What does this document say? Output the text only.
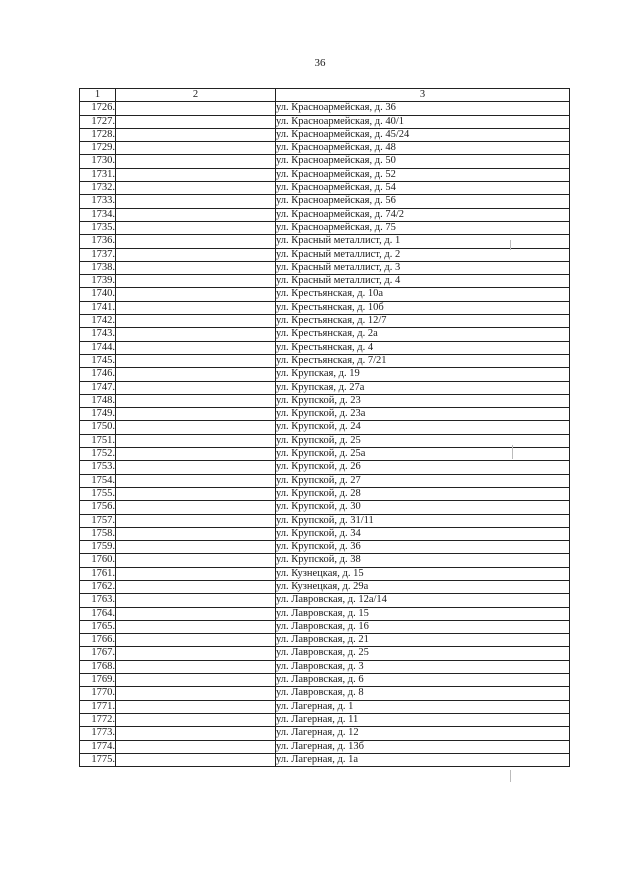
36
1	2	3
1726.		ул. Красноармейская, д. 36
1727.		ул. Красноармейская, д. 40/1
1728.		ул. Красноармейская, д. 45/24
1729.		ул. Красноармейская, д. 48
1730.		ул. Красноармейская, д. 50
1731.		ул. Красноармейская, д. 52
1732.		ул. Красноармейская, д. 54
1733.		ул. Красноармейская, д. 56
1734.		ул. Красноармейская, д. 74/2
1735.		ул. Красноармейская, д. 75
1736.		ул. Красный металлист, д. 1
1737.		ул. Красный металлист, д. 2
1738.		ул. Красный металлист, д. 3
1739.		ул. Красный металлист, д. 4
1740.		ул. Крестьянская, д. 10а
1741.		ул. Крестьянская, д. 10б
1742.		ул. Крестьянская, д. 12/7
1743.		ул. Крестьянская, д. 2а
1744.		ул. Крестьянская, д. 4
1745.		ул. Крестьянская, д. 7/21
1746.		ул. Крупская, д. 19
1747.		ул. Крупская, д. 27а
1748.		ул. Крупской, д. 23
1749.		ул. Крупской, д. 23а
1750.		ул. Крупской, д. 24
1751.		ул. Крупской, д. 25
1752.		ул. Крупской, д. 25а
1753.		ул. Крупской, д. 26
1754.		ул. Крупской, д. 27
1755.		ул. Крупской, д. 28
1756.		ул. Крупской, д. 30
1757.		ул. Крупской, д. 31/11
1758.		ул. Крупской, д. 34
1759.		ул. Крупской, д. 36
1760.		ул. Крупской, д. 38
1761.		ул. Кузнецкая, д. 15
1762.		ул. Кузнецкая, д. 29а
1763.		ул. Лавровская, д. 12а/14
1764.		ул. Лавровская, д. 15
1765.		ул. Лавровская, д. 16
1766.		ул. Лавровская, д. 21
1767.		ул. Лавровская, д. 25
1768.		ул. Лавровская, д. 3
1769.		ул. Лавровская, д. 6
1770.		ул. Лавровская, д. 8
1771.		ул. Лагерная, д. 1
1772.		ул. Лагерная, д. 11
1773.		ул. Лагерная, д. 12
1774.		ул. Лагерная, д. 13б
1775.		ул. Лагерная, д. 1а
